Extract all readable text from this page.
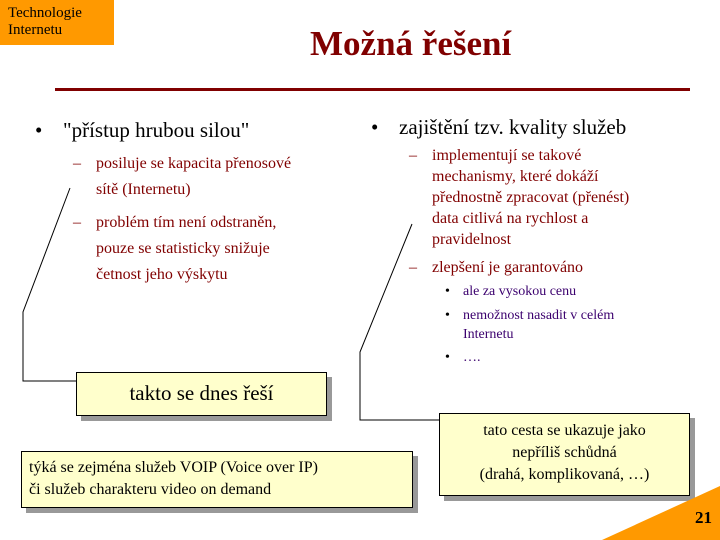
Technologie
Internetu	Možná řešení
• "přístup hrubou silou"
– posiluje se kapacita přenosové
sítě (Internetu)
– problém tím není odstraněn,
pouze se statisticky snižuje
četnost jeho výskytu
• zajištění tzv. kvality služeb
– implementují se takové
mechanismy, které dokáží
přednostně zpracovat (přenést)
data citlivá na rychlost a
pravidelnost
– zlepšení je garantováno
• ale za vysokou cenu
• nemožnost nasadit v celém
Internetu
• ….
takto se dnes řeší
tato cesta se ukazuje jako
nepříliš schůdná
(drahá, komplikovaná, …)
týká se zejména služeb VOIP (Voice over IP)
či služeb charakteru video on demand
21
